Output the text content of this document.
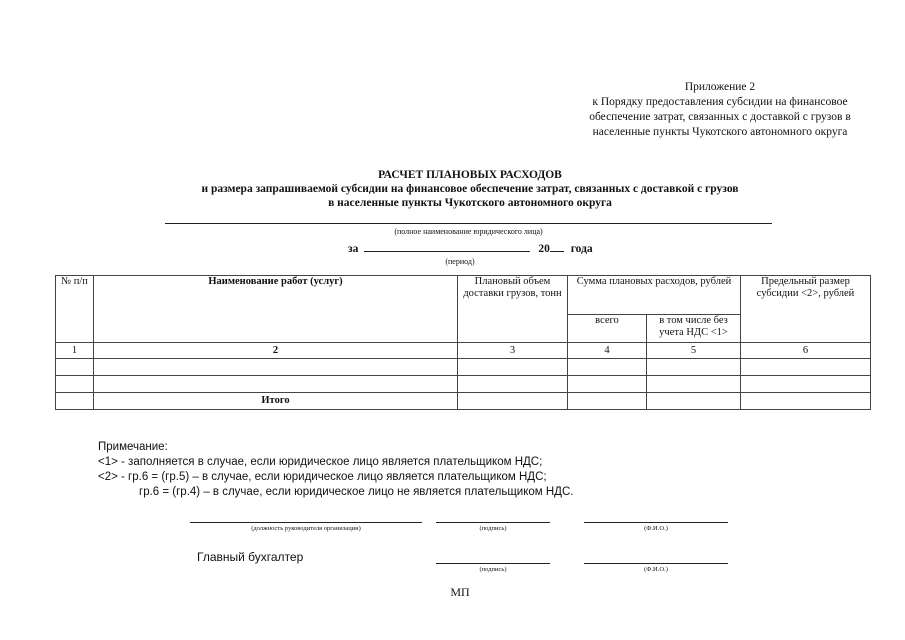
Приложение 2
к Порядку предоставления субсидии на финансовое
обеспечение затрат, связанных с доставкой с грузов в
населенные пункты Чукотского автономного округа
РАСЧЕТ ПЛАНОВЫХ РАСХОДОВ
и размера запрашиваемой субсидии на финансовое обеспечение затрат, связанных с доставкой с грузов
в населенные пункты Чукотского автономного округа
(полное наименование юридического лица)
за	20 года
(период)
№ п/п	Наименование работ (услуг)	Плановый объем доставки грузов, тонн	Сумма плановых расходов, рублей		Предельный размер субсидии <2>, рублей
			всего	в том числе без учета НДС <1>	
1	2	3	4	5	6

	Итого				
Примечание:
<1> - заполняется в случае, если юридическое лицо является плательщиком НДС;
<2> - гр.6 = (гр.5) – в случае, если юридическое лицо является плательщиком НДС;
гр.6 = (гр.4) – в случае, если юридическое лицо не является плательщиком НДС.
(должность руководителя организации)	(подпись)	(Ф.И.О.)
Главный бухгалтер
(подпись)	(Ф.И.О.)
МП
